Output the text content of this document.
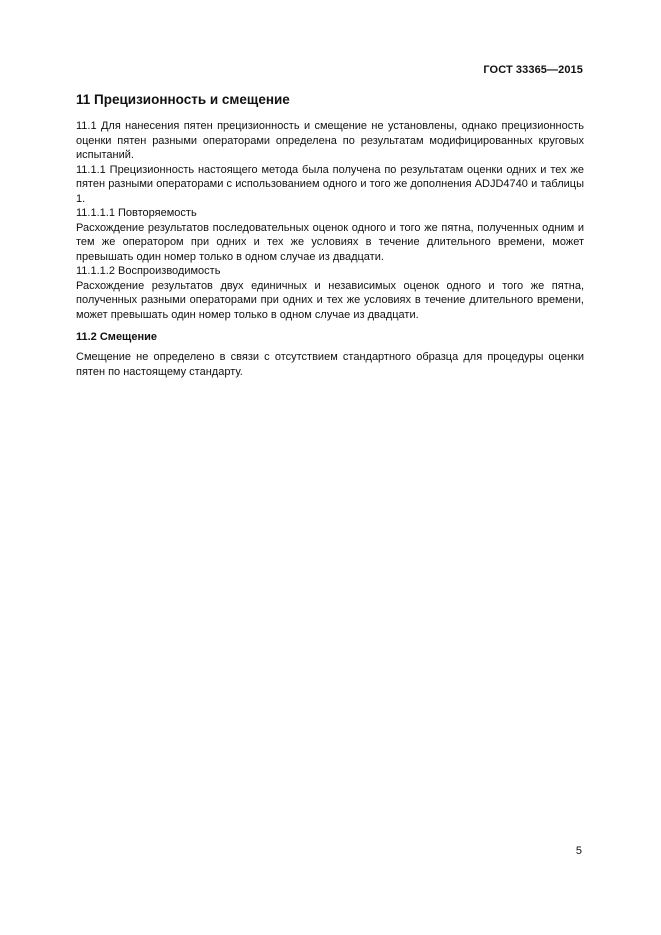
ГОСТ 33365—2015
11 Прецизионность и смещение

11.1 Для нанесения пятен прецизионность и смещение не установлены, однако прецизионность оценки пятен разными операторами определена по результатам модифицированных круговых испытаний.

11.1.1 Прецизионность настоящего метода была получена по результатам оценки одних и тех же пятен разными операторами с использованием одного и того же дополнения ADJD4740 и таблицы 1.

11.1.1.1 Повторяемость

Расхождение результатов последовательных оценок одного и того же пятна, полученных одним и тем же оператором при одних и тех же условиях в течение длительного времени, может превышать один номер только в одном случае из двадцати.

11.1.1.2 Воспроизводимость

Расхождение результатов двух единичных и независимых оценок одного и того же пятна, полученных разными операторами при одних и тех же условиях в течение длительного времени, может превышать один номер только в одном случае из двадцати.

11.2 Смещение

Смещение не определено в связи с отсутствием стандартного образца для процедуры оценки пятен по настоящему стандарту.

5
